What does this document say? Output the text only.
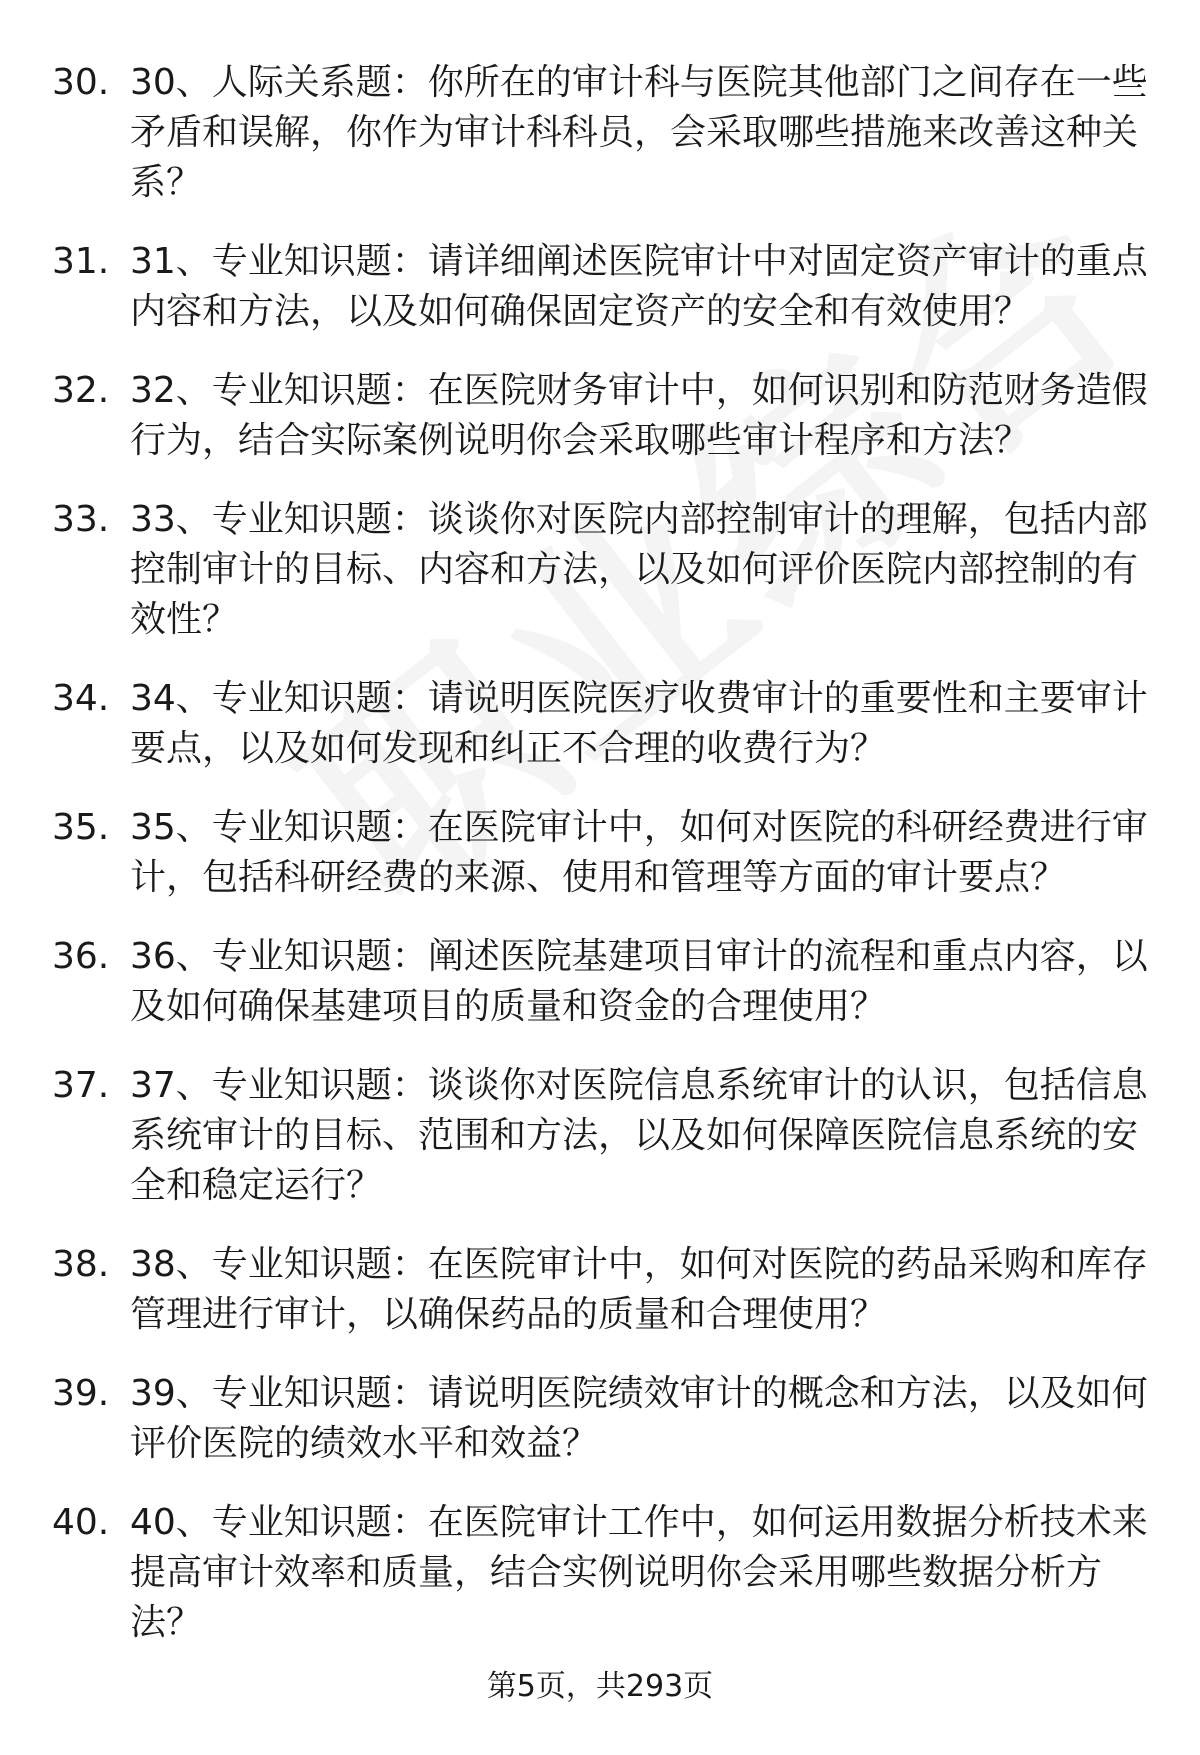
30. 30、人际关系题：你所在的审计科与医院其他部门之间存在一些矛盾和误解，你作为审计科科员，会采取哪些措施来改善这种关系？
31. 31、专业知识题：请详细阐述医院审计中对固定资产审计的重点内容和方法，以及如何确保固定资产的安全和有效使用？
32. 32、专业知识题：在医院财务审计中，如何识别和防范财务造假行为，结合实际案例说明你会采取哪些审计程序和方法？
33. 33、专业知识题：谈谈你对医院内部控制审计的理解，包括内部控制审计的目标、内容和方法，以及如何评价医院内部控制的有效性？
34. 34、专业知识题：请说明医院医疗收费审计的重要性和主要审计要点，以及如何发现和纠正不合理的收费行为？
35. 35、专业知识题：在医院审计中，如何对医院的科研经费进行审计，包括科研经费的来源、使用和管理等方面的审计要点？
36. 36、专业知识题：阐述医院基建项目审计的流程和重点内容，以及如何确保基建项目的质量和资金的合理使用？
37. 37、专业知识题：谈谈你对医院信息系统审计的认识，包括信息系统审计的目标、范围和方法，以及如何保障医院信息系统的安全和稳定运行？
38. 38、专业知识题：在医院审计中，如何对医院的药品采购和库存管理进行审计，以确保药品的质量和合理使用？
39. 39、专业知识题：请说明医院绩效审计的概念和方法，以及如何评价医院的绩效水平和效益？
40. 40、专业知识题：在医院审计工作中，如何运用数据分析技术来提高审计效率和质量，结合实例说明你会采用哪些数据分析方法？
第5页，共293页
